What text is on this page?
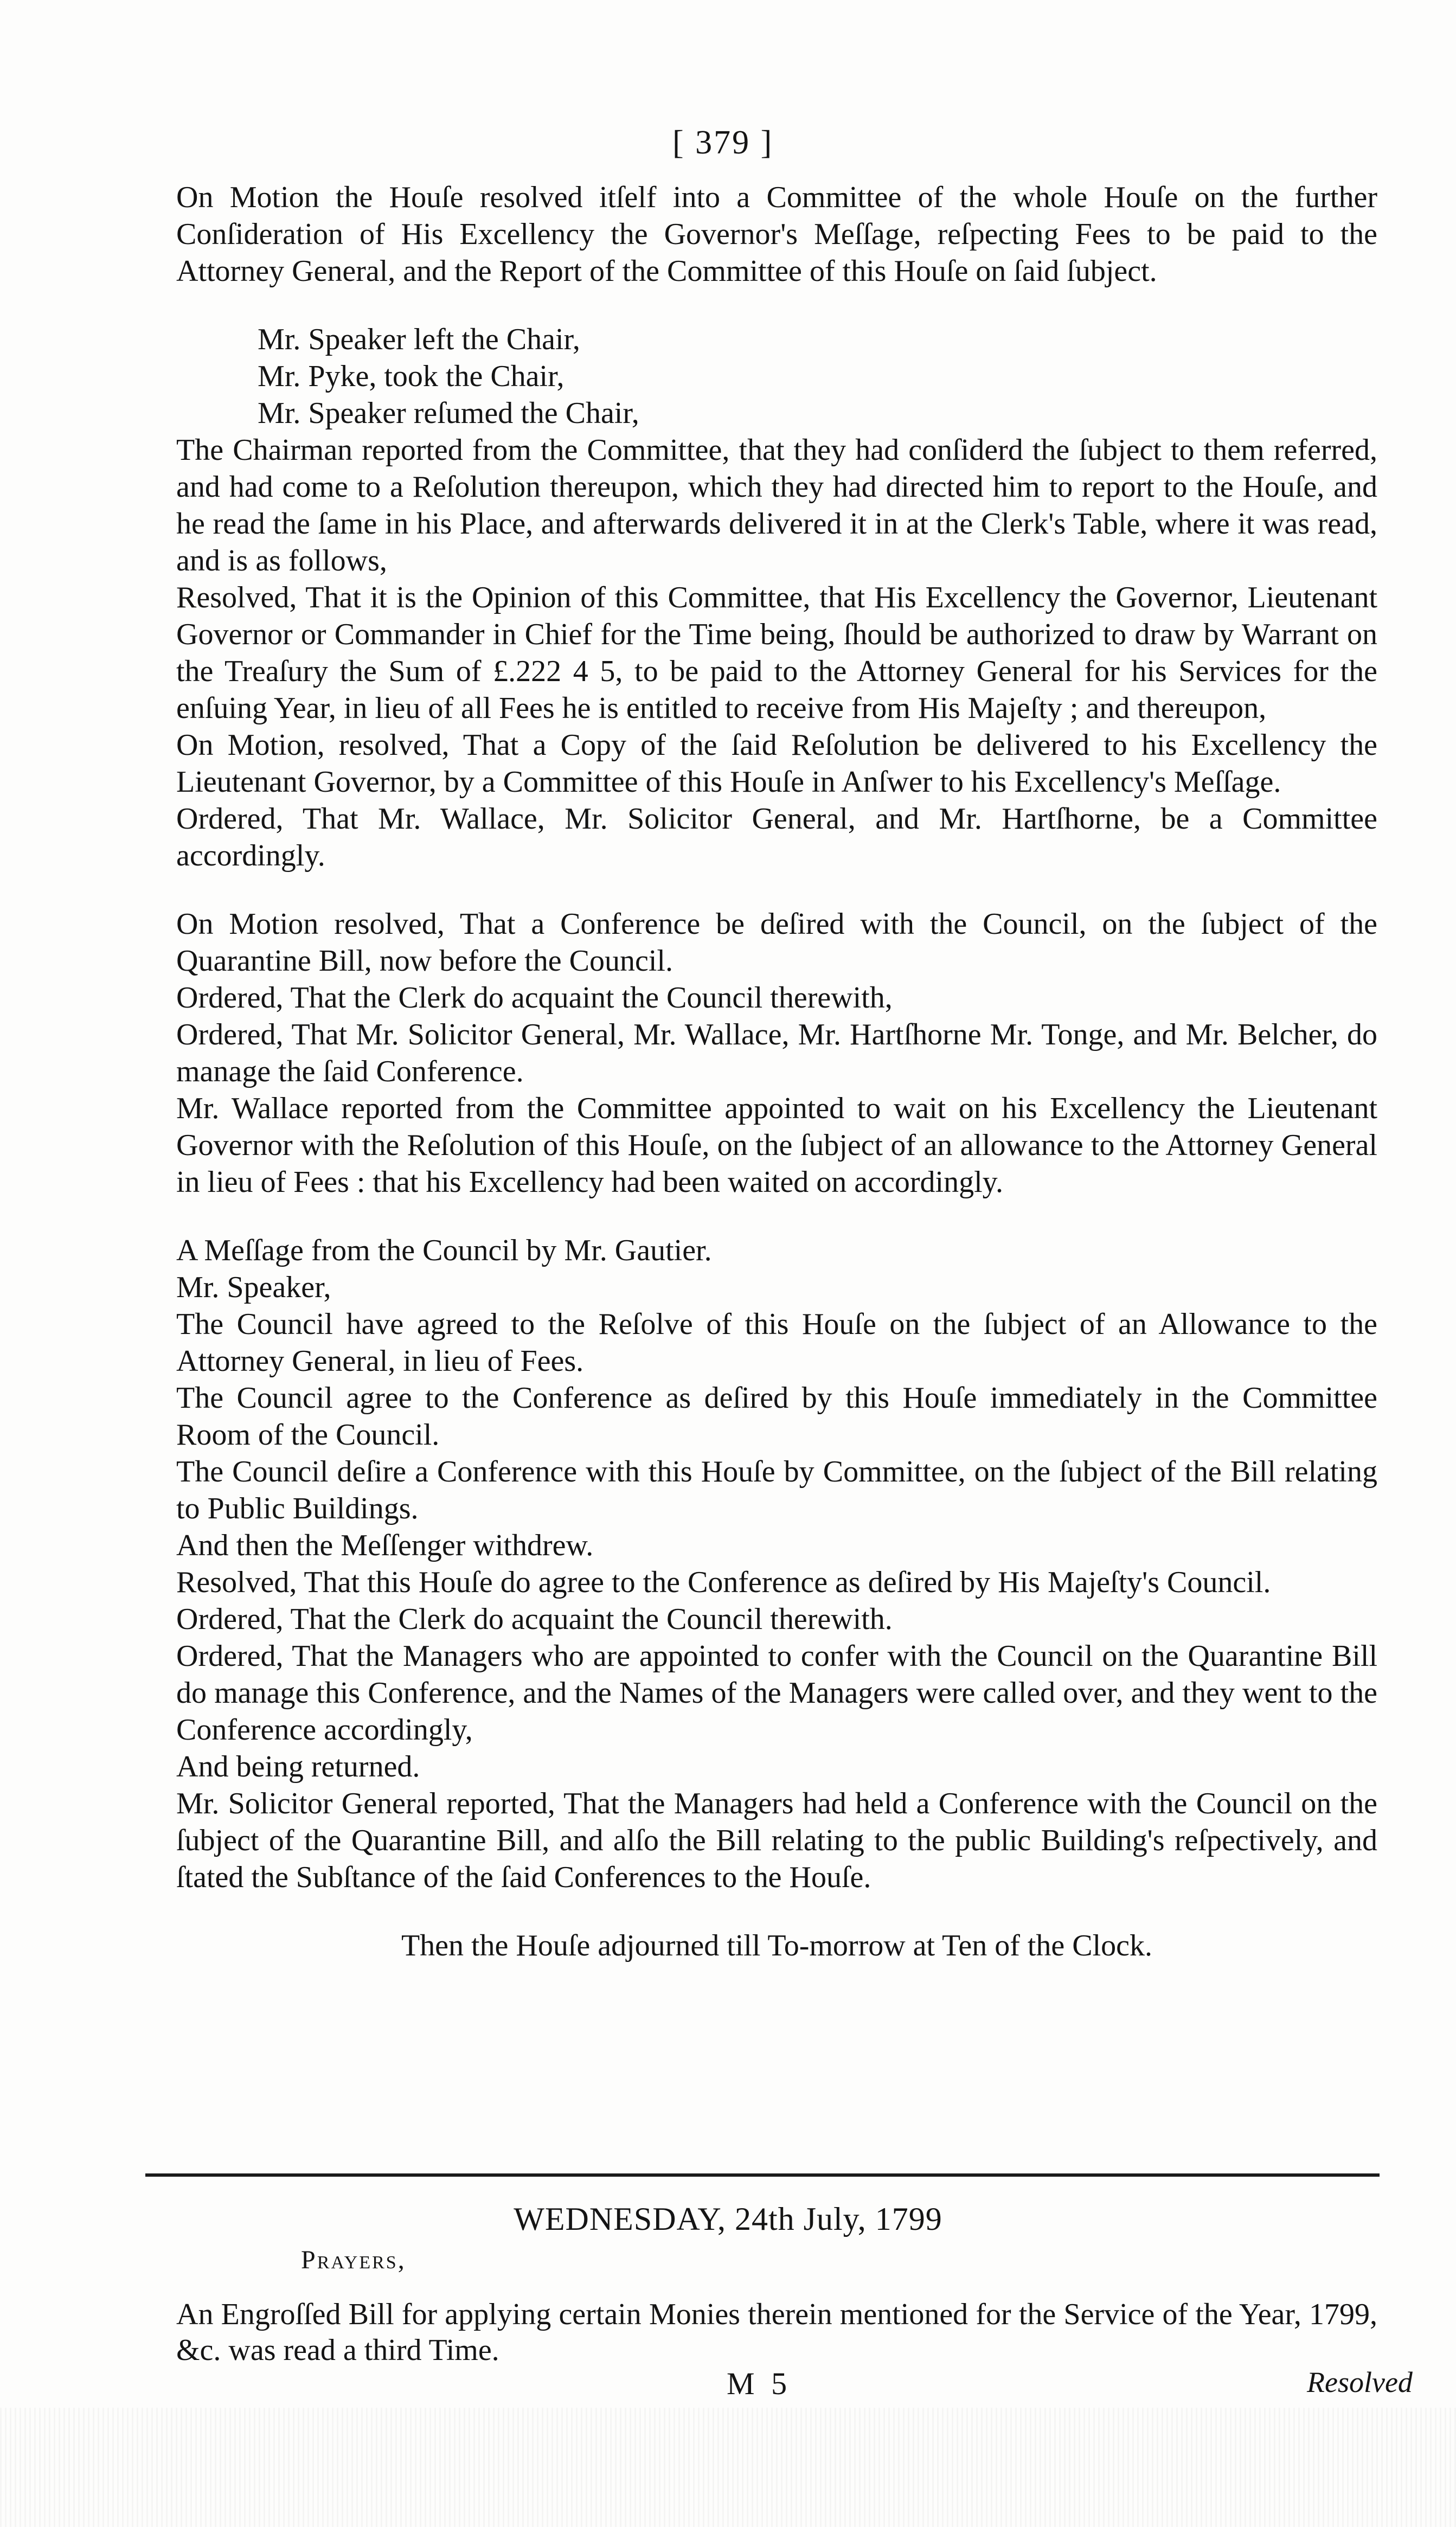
[ 379 ]

On Motion the Houſe resolved itſelf into a Committee of the whole Houſe on the further Conſideration of His Excellency the Governor's Meſſage, reſpecting Fees to be paid to the Attorney General, and the Report of the Committee of this Houſe on ſaid ſubject.

Mr. Speaker left the Chair,

Mr. Pyke, took the Chair,

Mr. Speaker reſumed the Chair,

The Chairman reported from the Committee, that they had conſiderd the ſubject to them referred, and had come to a Reſolution thereupon, which they had directed him to report to the Houſe, and he read the ſame in his Place, and afterwards delivered it in at the Clerk's Table, where it was read, and is as follows,

Resolved, That it is the Opinion of this Committee, that His Excellency the Governor, Lieutenant Governor or Commander in Chief for the Time being, ſhould be authorized to draw by Warrant on the Treaſury the Sum of £.222 4 5, to be paid to the Attorney General for his Services for the enſuing Year, in lieu of all Fees he is entitled to receive from His Majeſty ; and thereupon,

On Motion, resolved, That a Copy of the ſaid Reſolution be delivered to his Excellency the Lieutenant Governor, by a Committee of this Houſe in Anſwer to his Excellency's Meſſage.

Ordered, That Mr. Wallace, Mr. Solicitor General, and Mr. Hartſhorne, be a Committee accordingly.

On Motion resolved, That a Conference be deſired with the Council, on the ſubject of the Quarantine Bill, now before the Council.

Ordered, That the Clerk do acquaint the Council therewith,

Ordered, That Mr. Solicitor General, Mr. Wallace, Mr. Hartſhorne Mr. Tonge, and Mr. Belcher, do manage the ſaid Conference.

Mr. Wallace reported from the Committee appointed to wait on his Excellency the Lieutenant Governor with the Reſolution of this Houſe, on the ſubject of an allowance to the Attorney General in lieu of Fees : that his Excellency had been waited on accordingly.

A Meſſage from the Council by Mr. Gautier.

Mr. Speaker,

The Council have agreed to the Reſolve of this Houſe on the ſubject of an Allowance to the Attorney General, in lieu of Fees.

The Council agree to the Conference as deſired by this Houſe immediately in the Committee Room of the Council.

The Council deſire a Conference with this Houſe by Committee, on the ſubject of the Bill relating to Public Buildings.

And then the Meſſenger withdrew.

Resolved, That this Houſe do agree to the Conference as deſired by His Majeſty's Council.

Ordered, That the Clerk do acquaint the Council therewith.

Ordered, That the Managers who are appointed to confer with the Council on the Quarantine Bill do manage this Conference, and the Names of the Managers were called over, and they went to the Conference accordingly,

And being returned.

Mr. Solicitor General reported, That the Managers had held a Conference with the Council on the ſubject of the Quarantine Bill, and alſo the Bill relating to the public Building's reſpectively, and ſtated the Subſtance of the ſaid Conferences to the Houſe.

Then the Houſe adjourned till To-morrow at Ten of the Clock.

WEDNESDAY, 24th July, 1799
Prayers,

An Engroſſed Bill for applying certain Monies therein mentioned for the Service of the Year, 1799, &c. was read a third Time.

M 5	Resolved
